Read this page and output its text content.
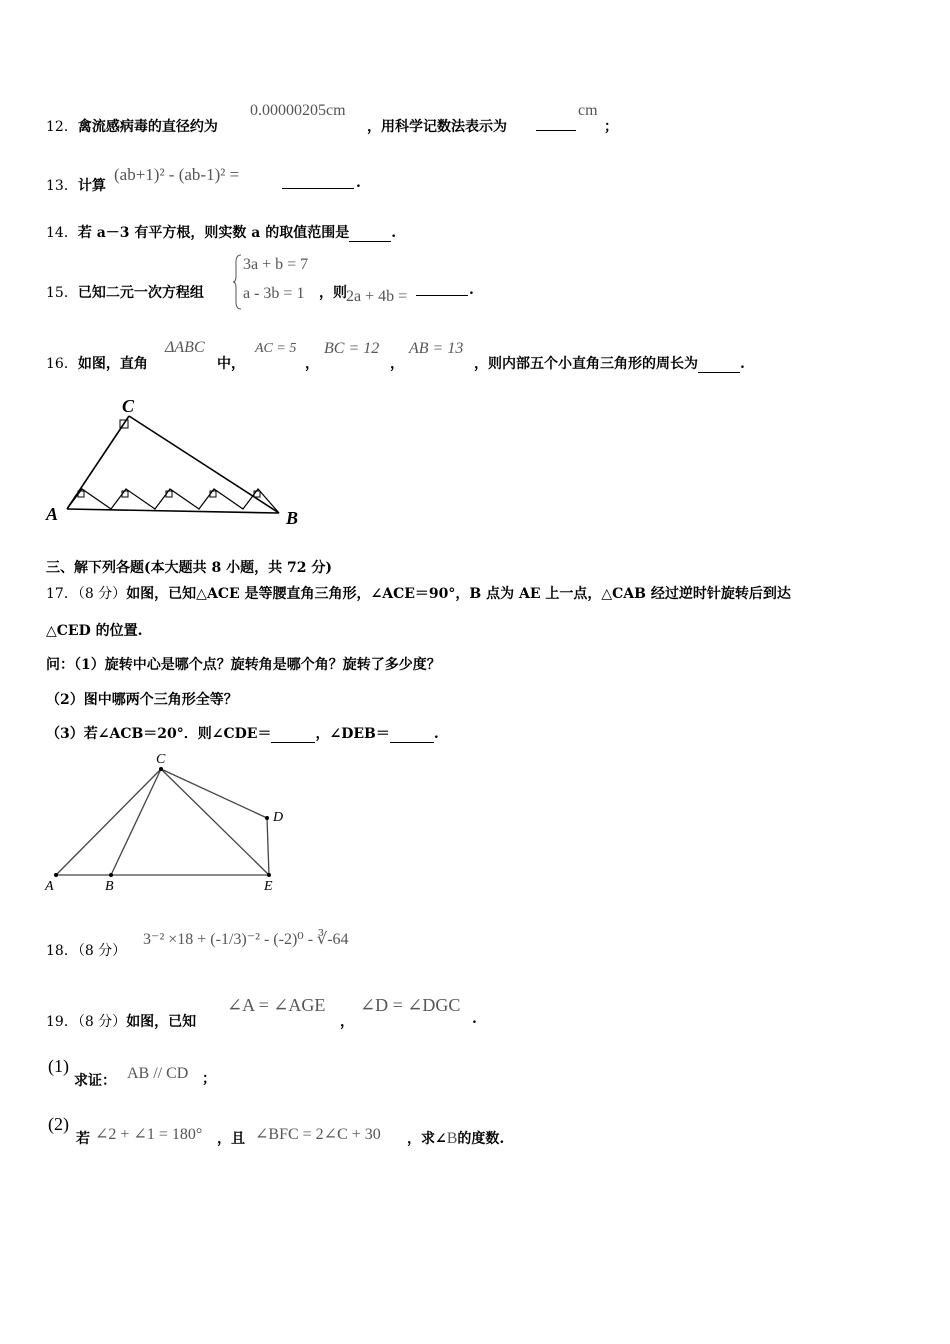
12．禽流感病毒的直径约为
0.00000205cm
，用科学记数法表示为
cm
；
13．计算
(ab+1)² - (ab-1)² =	.
14．若 a－3 有平方根，则实数 a 的取值范围是	.
15．已知二元一次方程组
3a + b = 7
a - 3b = 1 ，则 2a + 4b =	.
16．如图，直角
ΔABC
中，
AC = 5
，
BC = 12
，
AB = 13
，则内部五个小直角三角形的周长为	.
C
A	B
三、解下列各题(本大题共 8 小题，共 72 分)
17．（8 分）如图，已知△ACE 是等腰直角三角形，∠ACE＝90°，B 点为 AE 上一点，△CAB 经过逆时针旋转后到达
△CED 的位置.
问：（1）旋转中心是哪个点？旋转角是哪个角？旋转了多少度？
（2）图中哪两个三角形全等？
（3）若∠ACB＝20°．则∠CDE＝	，∠DEB＝	.
C
A	B
D
E
18．（8 分）
3⁻² ×18 + (-1/3)⁻² - (-2)⁰ - ∛-64
19．（8 分）如图，已知
∠A = ∠AGE
，
∠D = ∠DGC
.
(1)
求证： AB // CD ；
(2)
若 ∠2 + ∠1 = 180° ，且 ∠BFC = 2∠C + 30 ，求∠B的度数.
